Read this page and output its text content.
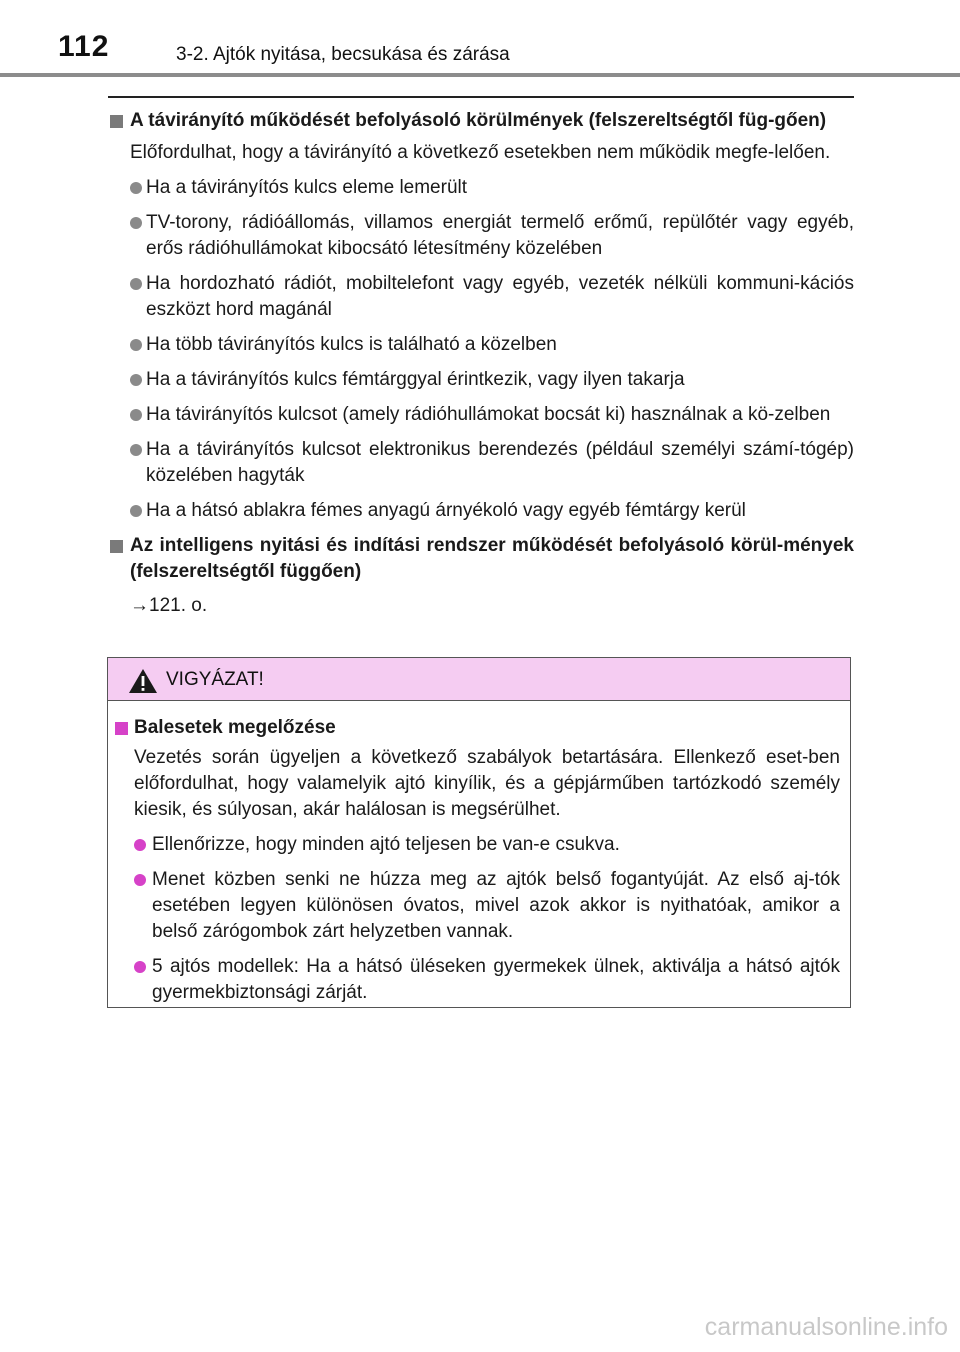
112	3-2. Ajtók nyitása, becsukása és zárása
A távirányító működését befolyásoló körülmények (felszereltségtől füg-gően)
Előfordulhat, hogy a távirányító a következő esetekben nem működik megfe-lelően.
Ha a távirányítós kulcs eleme lemerült
TV-torony, rádióállomás, villamos energiát termelő erőmű, repülőtér vagy egyéb, erős rádióhullámokat kibocsátó létesítmény közelében
Ha hordozható rádiót, mobiltelefont vagy egyéb, vezeték nélküli kommuni-kációs eszközt hord magánál
Ha több távirányítós kulcs is található a közelben
Ha a távirányítós kulcs fémtárggyal érintkezik, vagy ilyen takarja
Ha távirányítós kulcsot (amely rádióhullámokat bocsát ki) használnak a kö-zelben
Ha a távirányítós kulcsot elektronikus berendezés (például személyi számí-tógép) közelében hagyták
Ha a hátsó ablakra fémes anyagú árnyékoló vagy egyéb fémtárgy kerül
Az intelligens nyitási és indítási rendszer működését befolyásoló körül-mények (felszereltségtől függően)
→121. o.
VIGYÁZAT!
Balesetek megelőzése
Vezetés során ügyeljen a következő szabályok betartására. Ellenkező eset-ben előfordulhat, hogy valamelyik ajtó kinyílik, és a gépjárműben tartózkodó személy kiesik, és súlyosan, akár halálosan is megsérülhet.
Ellenőrizze, hogy minden ajtó teljesen be van-e csukva.
Menet közben senki ne húzza meg az ajtók belső fogantyúját. Az első aj-tók esetében legyen különösen óvatos, mivel azok akkor is nyithatóak, amikor a belső zárógombok zárt helyzetben vannak.
5 ajtós modellek: Ha a hátsó üléseken gyermekek ülnek, aktiválja a hátsó ajtók gyermekbiztonsági zárját.
carmanualsonline.info
